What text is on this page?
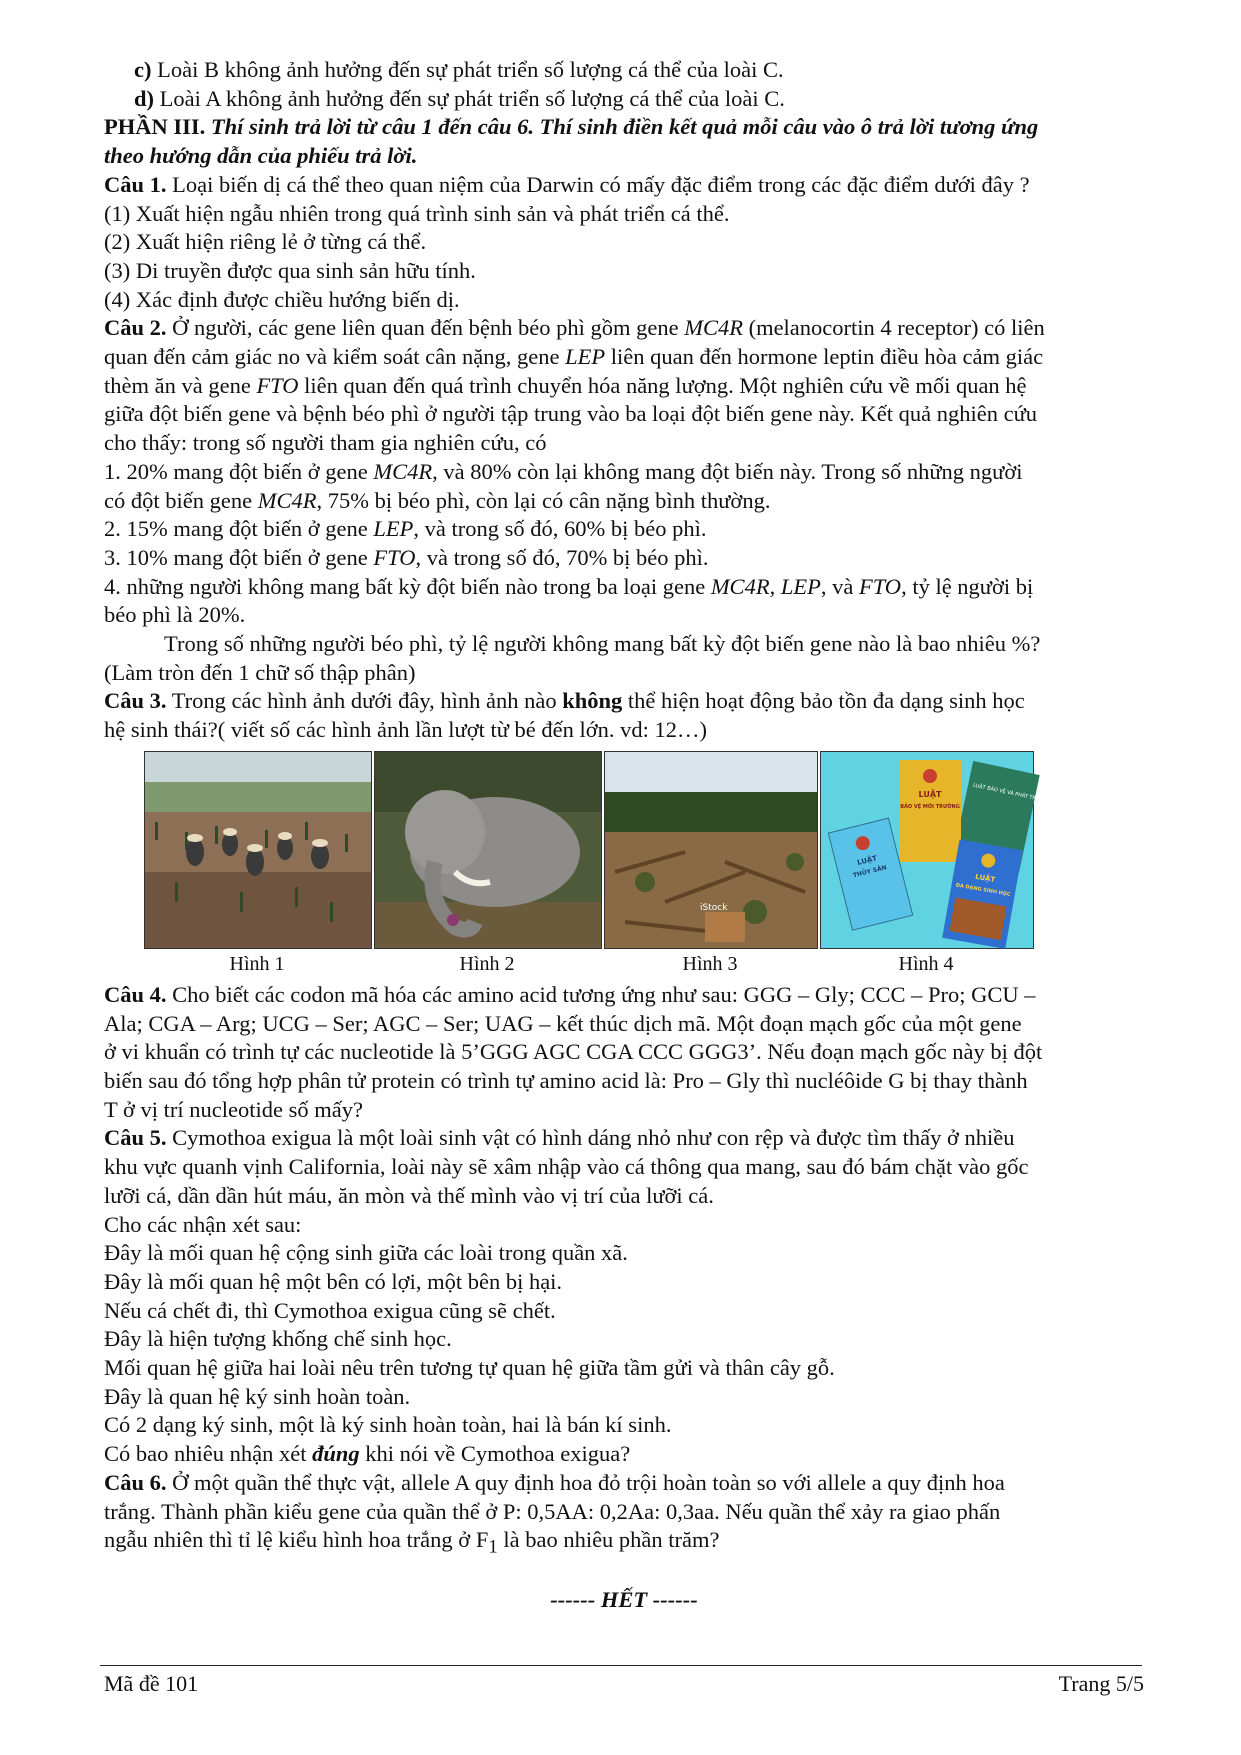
c) Loài B không ảnh hưởng đến sự phát triển số lượng cá thể của loài C.
d) Loài A không ảnh hưởng đến sự phát triển số lượng cá thể của loài C.
PHẦN III. Thí sinh trả lời từ câu 1 đến câu 6. Thí sinh điền kết quả mỗi câu vào ô trả lời tương ứng
theo hướng dẫn của phiếu trả lời.
Câu 1. Loại biến dị cá thể theo quan niệm của Darwin có mấy đặc điểm trong các đặc điểm dưới đây ?
(1) Xuất hiện ngẫu nhiên trong quá trình sinh sản và phát triển cá thể.
(2) Xuất hiện riêng lẻ ở từng cá thể.
(3) Di truyền được qua sinh sản hữu tính.
(4) Xác định được chiều hướng biến dị.
Câu 2. Ở người, các gene liên quan đến bệnh béo phì gồm gene MC4R (melanocortin 4 receptor) có liên
quan đến cảm giác no và kiểm soát cân nặng, gene LEP liên quan đến hormone leptin điều hòa cảm giác
thèm ăn và gene FTO liên quan đến quá trình chuyển hóa năng lượng. Một nghiên cứu về mối quan hệ
giữa đột biến gene và bệnh béo phì ở người tập trung vào ba loại đột biến gene này. Kết quả nghiên cứu
cho thấy: trong số người tham gia nghiên cứu, có
1. 20% mang đột biến ở gene MC4R, và 80% còn lại không mang đột biến này. Trong số những người
có đột biến gene MC4R, 75% bị béo phì, còn lại có cân nặng bình thường.
2. 15% mang đột biến ở gene LEP, và trong số đó, 60% bị béo phì.
3. 10% mang đột biến ở gene FTO, và trong số đó, 70% bị béo phì.
4. những người không mang bất kỳ đột biến nào trong ba loại gene MC4R, LEP, và FTO, tỷ lệ người bị
béo phì là 20%.
Trong số những người béo phì, tỷ lệ người không mang bất kỳ đột biến gene nào là bao nhiêu %?
(Làm tròn đến 1 chữ số thập phân)
Câu 3. Trong các hình ảnh dưới đây, hình ảnh nào không thể hiện hoạt động bảo tồn đa dạng sinh học
hệ sinh thái?( viết số các hình ảnh lần lượt từ bé đến lớn. vd: 12…)
iStock
LUẬT BẢO VỆ VÀ PHÁT TRIỂN RỪNG
LUẬT
BẢO VỆ MÔI TRƯỜNG
LUẬT
THỦY SẢN	LUẬT
ĐA DẠNG SINH HỌC
Hình 1	Hình 2	Hình 3	Hình 4
Câu 4. Cho biết các codon mã hóa các amino acid tương ứng như sau: GGG – Gly; CCC – Pro; GCU –
Ala; CGA – Arg; UCG – Ser; AGC – Ser; UAG – kết thúc dịch mã. Một đoạn mạch gốc của một gene
ở vi khuẩn có trình tự các nucleotide là 5’GGG AGC CGA CCC GGG3’. Nếu đoạn mạch gốc này bị đột
biến sau đó tổng hợp phân tử protein có trình tự amino acid là: Pro – Gly thì nucléôide G bị thay thành
T ở vị trí nucleotide số mấy?
Câu 5. Cymothoa exigua là một loài sinh vật có hình dáng nhỏ như con rệp và được tìm thấy ở nhiều
khu vực quanh vịnh California, loài này sẽ xâm nhập vào cá thông qua mang, sau đó bám chặt vào gốc
lưỡi cá, dần dần hút máu, ăn mòn và thế mình vào vị trí của lưỡi cá.
Cho các nhận xét sau:
Đây là mối quan hệ cộng sinh giữa các loài trong quần xã.
Đây là mối quan hệ một bên có lợi, một bên bị hại.
Nếu cá chết đi, thì Cymothoa exigua cũng sẽ chết.
Đây là hiện tượng khống chế sinh học.
Mối quan hệ giữa hai loài nêu trên tương tự quan hệ giữa tầm gửi và thân cây gỗ.
Đây là quan hệ ký sinh hoàn toàn.
Có 2 dạng ký sinh, một là ký sinh hoàn toàn, hai là bán kí sinh.
Có bao nhiêu nhận xét đúng khi nói về Cymothoa exigua?
Câu 6. Ở một quần thể thực vật, allele A quy định hoa đỏ trội hoàn toàn so với allele a quy định hoa
trắng. Thành phần kiểu gene của quần thể ở P: 0,5AA: 0,2Aa: 0,3aa. Nếu quần thể xảy ra giao phấn
ngẫu nhiên thì tỉ lệ kiểu hình hoa trắng ở $F_1$ là bao nhiêu phần trăm?
------ HẾT ------
Mã đề 101	Trang 5/5
